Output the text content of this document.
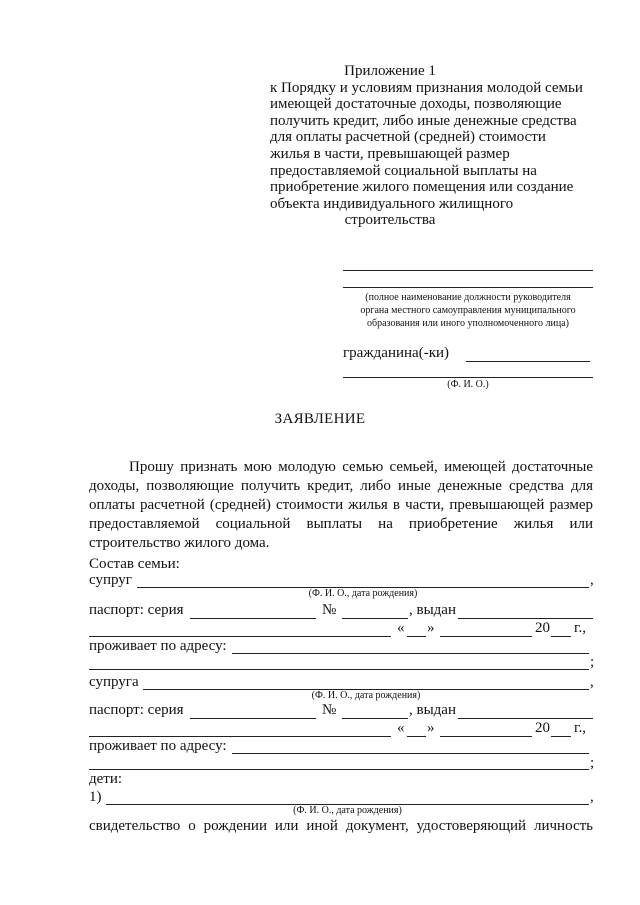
Приложение 1
к Порядку и условиям признания молодой семьи
имеющей достаточные доходы, позволяющие
получить кредит, либо иные денежные средства
для оплаты расчетной (средней) стоимости
жилья в части, превышающей размер
предоставляемой социальной выплаты на
приобретение жилого помещения или создание
объекта индивидуального жилищного
строительства
(полное наименование должности руководителя
органа местного самоуправления муниципального
образования или иного уполномоченного лица)
гражданина(-ки)
(Ф. И. О.)
ЗАЯВЛЕНИЕ
Прошу признать мою молодую семью семьей, имеющей достаточные
доходы, позволяющие получить кредит, либо иные денежные средства для
оплаты расчетной (средней) стоимости жилья в части, превышающей размер
предоставляемой социальной выплаты на приобретение жилья или
строительство жилого дома.
Состав семьи:
супруг	,
(Ф. И. О., дата рождения)
паспорт: серия	№	, выдан
« »	20 г.,
проживает по адресу:
;
супруга	,
(Ф. И. О., дата рождения)
паспорт: серия	№	, выдан
« »	20 г.,
проживает по адресу:
;
дети:
1)	,
(Ф. И. О., дата рождения)
свидетельство о рождении или иной документ, удостоверяющий личность
